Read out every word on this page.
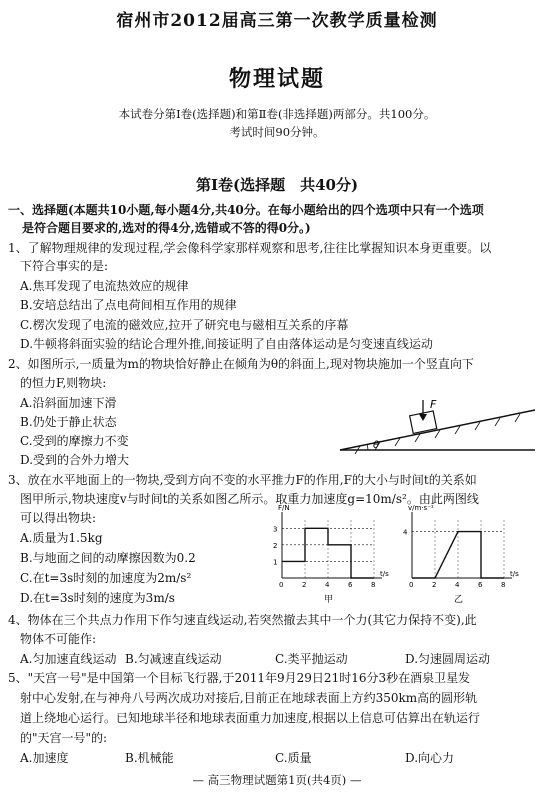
宿州市2012届高三第一次教学质量检测
物理试题
本试卷分第Ⅰ卷(选择题)和第Ⅱ卷(非选择题)两部分。共100分。
考试时间90分钟。
第Ⅰ卷(选择题　共40分)
一、选择题(本题共10小题,每小题4分,共40分。在每小题给出的四个选项中只有一个选项
是符合题目要求的,选对的得4分,选错或不答的得0分。)
1、了解物理规律的发现过程,学会像科学家那样观察和思考,往往比掌握知识本身更重要。以
下符合事实的是:
A.焦耳发现了电流热效应的规律
B.安培总结出了点电荷间相互作用的规律
C.楞次发现了电流的磁效应,拉开了研究电与磁相互关系的序幕
D.牛顿将斜面实验的结论合理外推,间接证明了自由落体运动是匀变速直线运动
2、如图所示,一质量为m的物块恰好静止在倾角为θ的斜面上,现对物块施加一个竖直向下
的恒力F,则物块:
A.沿斜面加速下滑
B.仍处于静止状态
C.受到的摩擦力不变
D.受到的合外力增大
F
θ
3、放在水平地面上的一物块,受到方向不变的水平推力F的作用,F的大小与时间t的关系如
图甲所示,物块速度v与时间t的关系如图乙所示。取重力加速度g=10m/s²。由此两图线
可以得出物块:
A.质量为1.5kg
B.与地面之间的动摩擦因数为0.2
C.在t=3s时刻的加速度为2m/s²
D.在t=3s时刻的速度为3m/s
F/N
t/s
0	2	4	6	8
1
2
3
甲
v/m·s⁻¹
t/s
0	2	4	6	8
4
乙
4、物体在三个共点力作用下作匀速直线运动,若突然撤去其中一个力(其它力保持不变),此
物体不可能作:
A.匀加速直线运动 B.匀减速直线运动	C.类平抛运动	D.匀速圆周运动
5、"天宫一号"是中国第一个目标飞行器,于2011年9月29日21时16分3秒在酒泉卫星发
射中心发射,在与神舟八号两次成功对接后,目前正在地球表面上方约350km高的圆形轨
道上绕地心运行。已知地球半径和地球表面重力加速度,根据以上信息可估算出在轨运行
的"天宫一号"的:
A.加速度	B.机械能	C.质量	D.向心力
— 高三物理试题第1页(共4页) —
